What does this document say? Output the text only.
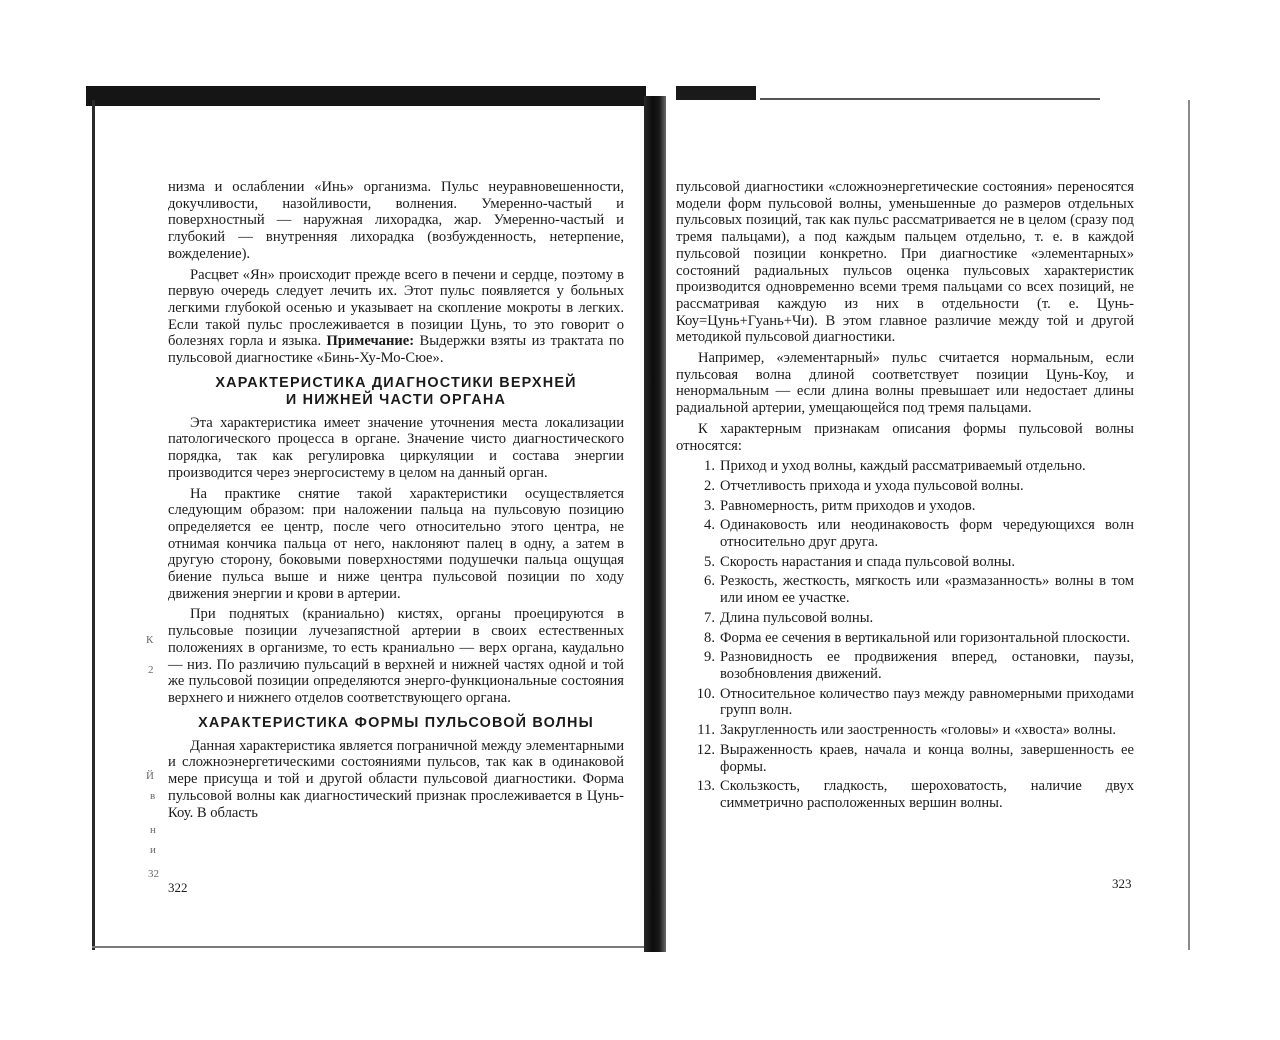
К
2
Й
в
н
и
32

низма и ослаблении «Инь» организма. Пульс неуравновешенности, докучливости, назойливости, волнения. Умеренно-частый и поверхностный — наружная лихорадка, жар. Умеренно-частый и глубокий — внутренняя лихорадка (возбужденность, нетерпение, вожделение).

Расцвет «Ян» происходит прежде всего в печени и сердце, поэтому в первую очередь следует лечить их. Этот пульс появляется у больных легкими глубокой осенью и указывает на скопление мокроты в легких. Если такой пульс прослеживается в позиции Цунь, то это говорит о болезнях горла и языка. Примечание: Выдержки взяты из трактата по пульсовой диагностике «Бинь-Ху-Мо-Сюе».

ХАРАКТЕРИСТИКА ДИАГНОСТИКИ ВЕРХНЕЙ
И НИЖНЕЙ ЧАСТИ ОРГАНА

Эта характеристика имеет значение уточнения места локализации патологического процесса в органе. Значение чисто диагностического порядка, так как регулировка циркуляции и состава энергии производится через энергосистему в целом на данный орган.

На практике снятие такой характеристики осуществляется следующим образом: при наложении пальца на пульсовую позицию определяется ее центр, после чего относительно этого центра, не отнимая кончика пальца от него, наклоняют палец в одну, а затем в другую сторону, боковыми поверхностями подушечки пальца ощущая биение пульса выше и ниже центра пульсовой позиции по ходу движения энергии и крови в артерии.

При поднятых (краниально) кистях, органы проецируются в пульсовые позиции лучезапястной артерии в своих естественных положениях в организме, то есть краниально — верх органа, каудально — низ. По различию пульсаций в верхней и нижней частях одной и той же пульсовой позиции определяются энерго-функциональные состояния верхнего и нижнего отделов соответствующего органа.

ХАРАКТЕРИСТИКА ФОРМЫ ПУЛЬСОВОЙ ВОЛНЫ

Данная характеристика является пограничной между элементарными и сложноэнергетическими состояниями пульсов, так как в одинаковой мере присуща и той и другой области пульсовой диагностики. Форма пульсовой волны как диагностический признак прослеживается в Цунь-Коу. В область

322

пульсовой диагностики «сложноэнергетические состояния» переносятся модели форм пульсовой волны, уменьшенные до размеров отдельных пульсовых позиций, так как пульс рассматривается не в целом (сразу под тремя пальцами), а под каждым пальцем отдельно, т. е. в каждой пульсовой позиции конкретно. При диагностике «элементарных» состояний радиальных пульсов оценка пульсовых характеристик производится одновременно всеми тремя пальцами со всех позиций, не рассматривая каждую из них в отдельности (т. е. Цунь-Коу=Цунь+Гуань+Чи). В этом главное различие между той и другой методикой пульсовой диагностики.

Например, «элементарный» пульс считается нормальным, если пульсовая волна длиной соответствует позиции Цунь-Коу, и ненормальным — если длина волны превышает или недостает длины радиальной артерии, умещающейся под тремя пальцами.

К характерным признакам описания формы пульсовой волны относятся:

1. Приход и уход волны, каждый рассматриваемый отдельно.
2. Отчетливость прихода и ухода пульсовой волны.
3. Равномерность, ритм приходов и уходов.
4. Одинаковость или неодинаковость форм чередующихся волн относительно друг друга.
5. Скорость нарастания и спада пульсовой волны.
6. Резкость, жесткость, мягкость или «размазанность» волны в том или ином ее участке.
7. Длина пульсовой волны.
8. Форма ее сечения в вертикальной или горизонтальной плоскости.
9. Разновидность ее продвижения вперед, остановки, паузы, возобновления движений.
10. Относительное количество пауз между равномерными приходами групп волн.
11. Закругленность или заостренность «головы» и «хвоста» волны.
12. Выраженность краев, начала и конца волны, завершенность ее формы.
13. Скользкость, гладкость, шероховатость, наличие двух симметрично расположенных вершин волны.
323
